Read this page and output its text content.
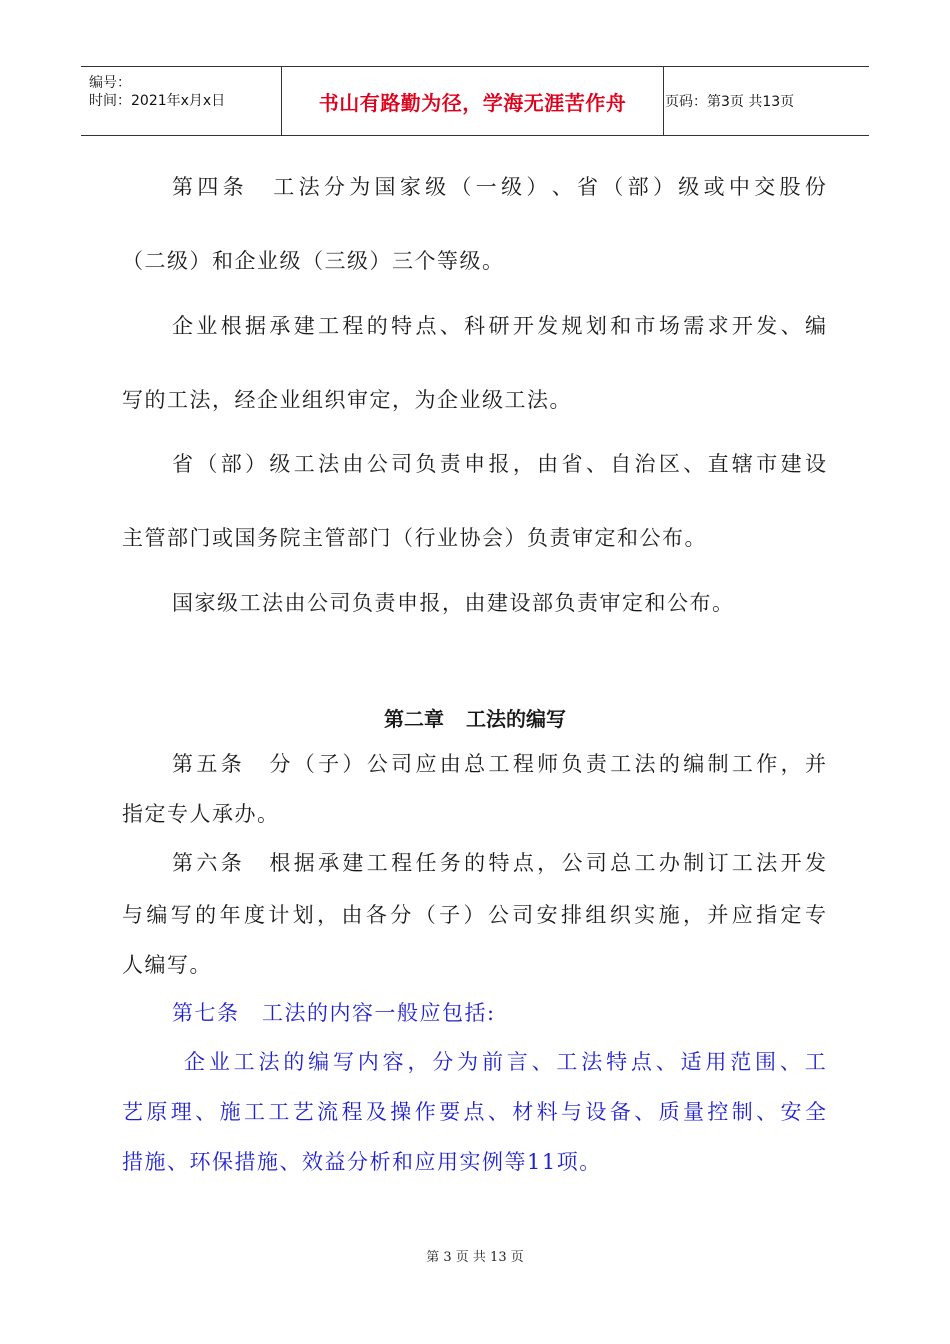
编号：
时间：2021年x月x日	书山有路勤为径，学海无涯苦作舟	页码：第3页 共13页
第 四 条
　 工 法 分 为 国 家 级 （ 一 级 ） 、 省 （ 部 ） 级 或 中 交 股 份
（二级）和企业级（三级）三个等级。
企 业 根 据 承 建 工 程 的 特 点 、 科 研 开 发 规 划 和 市 场 需 求 开 发 、 编
写的工法，经企业组织审定，为企业级工法。
省 （ 部 ） 级 工 法 由 公 司 负 责 申 报 ， 由 省 、 自 治 区 、 直 辖 市 建 设
主管部门或国务院主管部门（行业协会）负责审定和公布。
国家级工法由公司负责申报，由建设部负责审定和公布。
第二章 工法的编写
第 五 条
　 分 （ 子 ） 公 司 应 由 总 工 程 师 负 责 工 法 的 编 制 工 作 ， 并
指定专人承办。
第 六 条
　 根 据 承 建 工 程 任 务 的 特 点 ， 公 司 总 工 办 制 订 工 法 开 发
与 编 写 的 年 度 计 划 ， 由 各 分 （ 子 ） 公 司 安 排 组 织 实 施 ， 并 应 指 定 专
人编写。
第七条　工法的内容一般应包括:
企 业 工 法 的 编 写 内 容 ， 分 为 前 言 、 工 法 特 点 、 适 用 范 围 、 工
艺 原 理 、 施 工 工 艺 流 程 及 操 作 要 点 、 材 料 与 设 备 、 质 量 控 制 、 安 全
措施、环保措施、效益分析和应用实例等11项。
第 3 页 共 13 页
